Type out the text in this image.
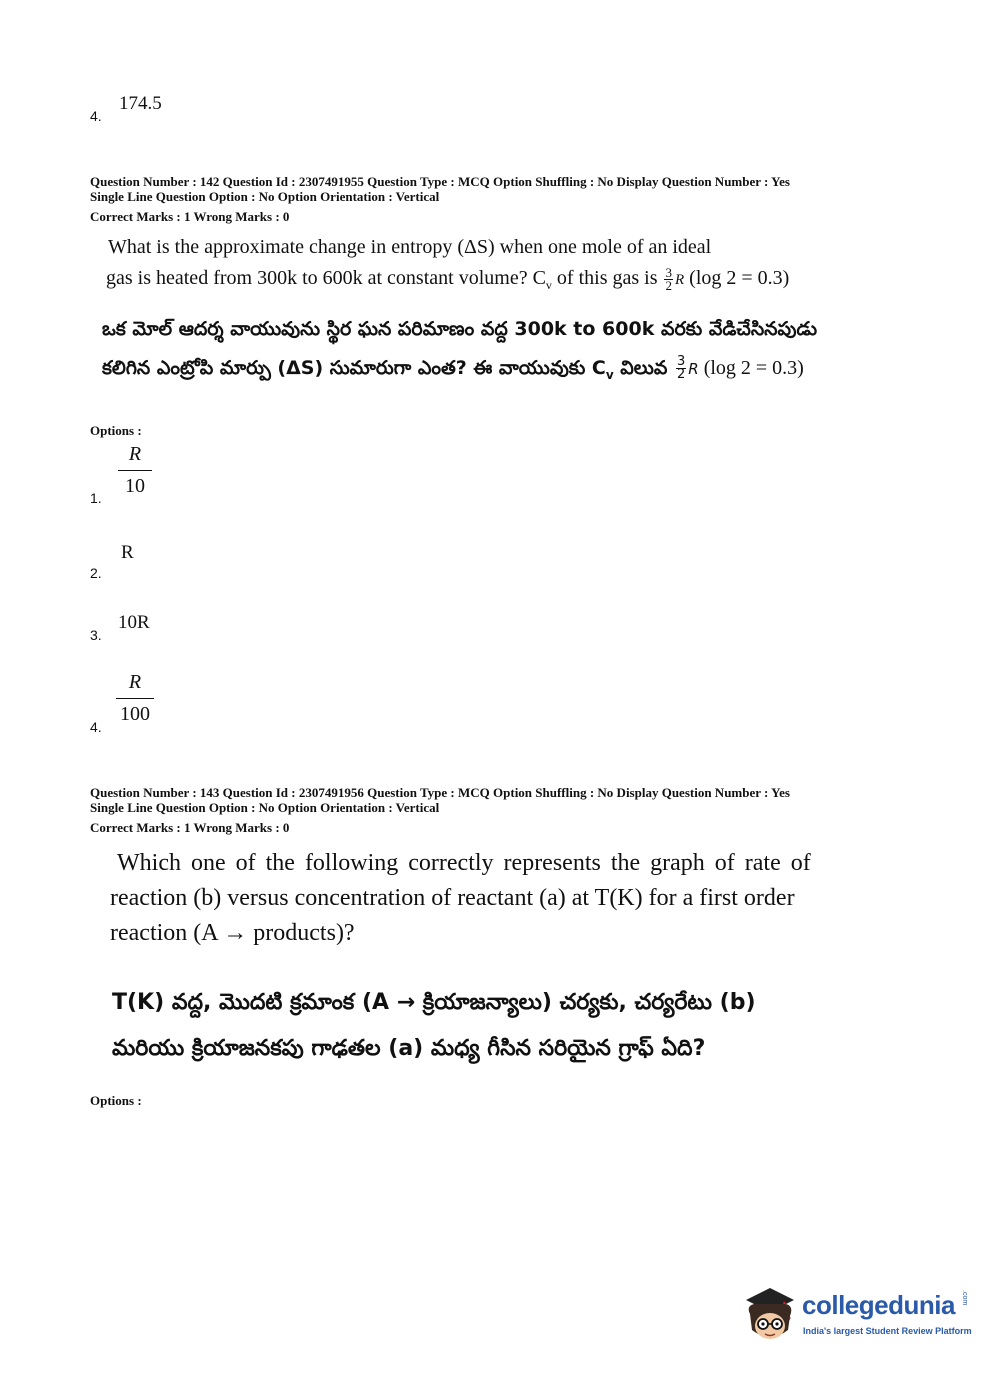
4.
174.5
Question Number : 142 Question Id : 2307491955 Question Type : MCQ Option Shuffling : No Display Question Number : Yes
Single Line Question Option : No Option Orientation : Vertical
Correct Marks : 1 Wrong Marks : 0
What is the approximate change in entropy (ΔS) when one mole of an ideal
gas is heated from 300k to 600k at constant volume? $C_v$ of this gas is $\frac{3}{2}$ R (log 2 = 0.3)
ఒక మోల్ ఆదర్శ వాయువును స్థిర ఘన పరిమాణం వద్ద 300k to 600k వరకు వేడిచేసినపుడు
కలిగిన ఎంట్రోపి మార్పు (ΔS) సుమారుగా ఎంత? ఈ వాయువుకు $C_v$ విలువ $\frac{3}{2}$ R (log 2 = 0.3)
Options :
R
10
1.
R
2.
10R
3.
R
100
4.
Question Number : 143 Question Id : 2307491956 Question Type : MCQ Option Shuffling : No Display Question Number : Yes
Single Line Question Option : No Option Orientation : Vertical
Correct Marks : 1 Wrong Marks : 0
Which one of the following correctly represents the graph of rate of
reaction (b) versus concentration of reactant (a) at T(K) for a first order
reaction (A → products)?
T(K) వద్ద, మొదటి క్రమాంక (A → క్రియాజన్యాలు) చర్యకు, చర్యరేటు (b)
మరియు క్రియాజనకపు గాఢతల (a) మధ్య గీసిన సరియైన గ్రాఫ్ ఏది?
Options :
collegedunia .com
India's largest Student Review Platform
